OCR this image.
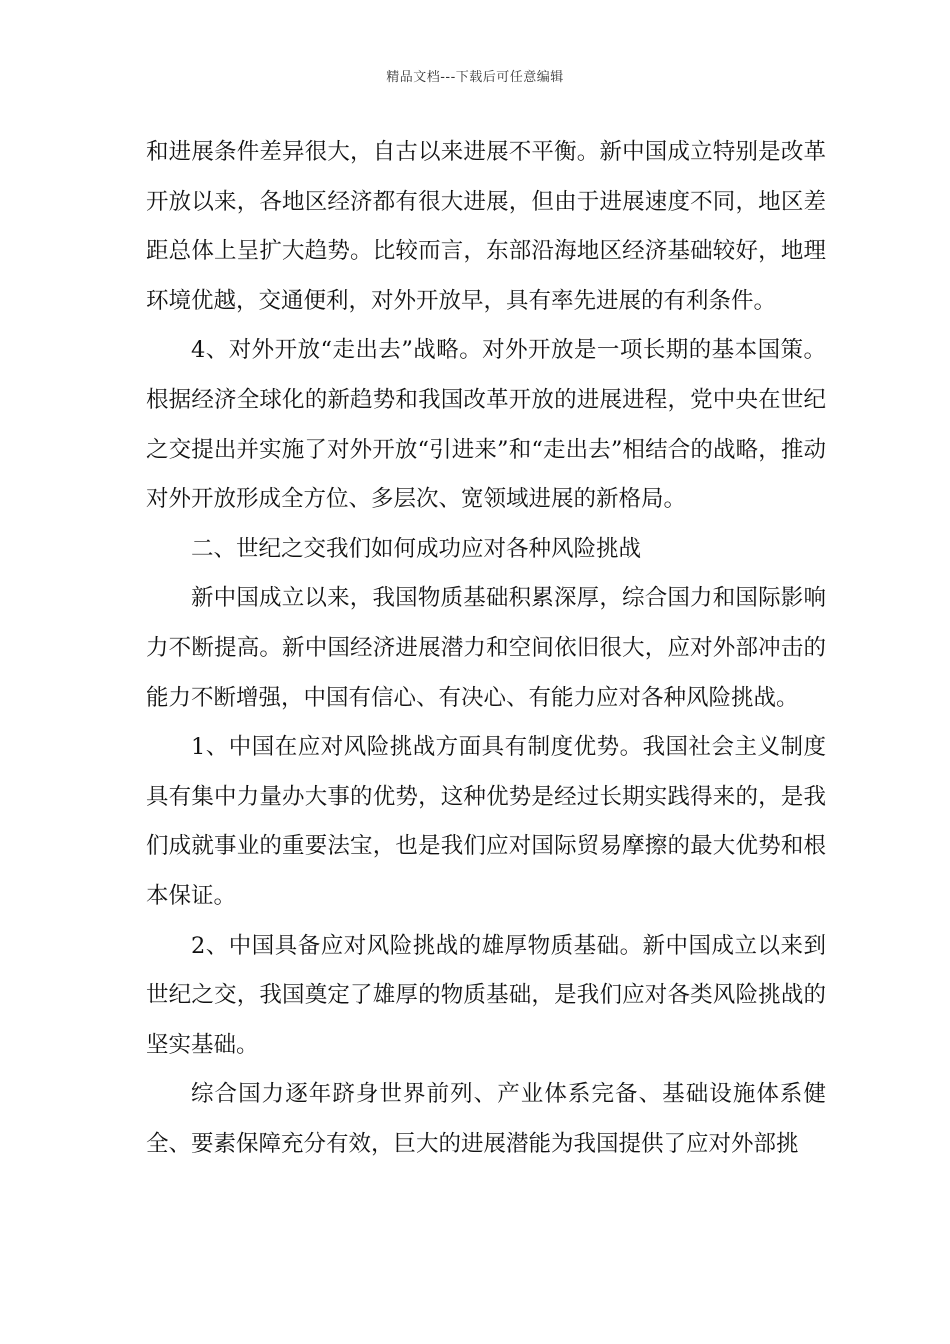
精品文档---下载后可任意编辑

和进展条件差异很大，自古以来进展不平衡。新中国成立特别是改革开放以来，各地区经济都有很大进展，但由于进展速度不同，地区差距总体上呈扩大趋势。比较而言，东部沿海地区经济基础较好，地理环境优越，交通便利，对外开放早，具有率先进展的有利条件。

4、对外开放“走出去”战略。对外开放是一项长期的基本国策。根据经济全球化的新趋势和我国改革开放的进展进程，党中央在世纪之交提出并实施了对外开放“引进来”和“走出去”相结合的战略，推动对外开放形成全方位、多层次、宽领域进展的新格局。

二、世纪之交我们如何成功应对各种风险挑战

新中国成立以来，我国物质基础积累深厚，综合国力和国际影响力不断提高。新中国经济进展潜力和空间依旧很大，应对外部冲击的能力不断增强，中国有信心、有决心、有能力应对各种风险挑战。

1、中国在应对风险挑战方面具有制度优势。我国社会主义制度具有集中力量办大事的优势，这种优势是经过长期实践得来的，是我们成就事业的重要法宝，也是我们应对国际贸易摩擦的最大优势和根本保证。

2、中国具备应对风险挑战的雄厚物质基础。新中国成立以来到世纪之交，我国奠定了雄厚的物质基础，是我们应对各类风险挑战的坚实基础。

综合国力逐年跻身世界前列、产业体系完备、基础设施体系健全、要素保障充分有效，巨大的进展潜能为我国提供了应对外部挑
